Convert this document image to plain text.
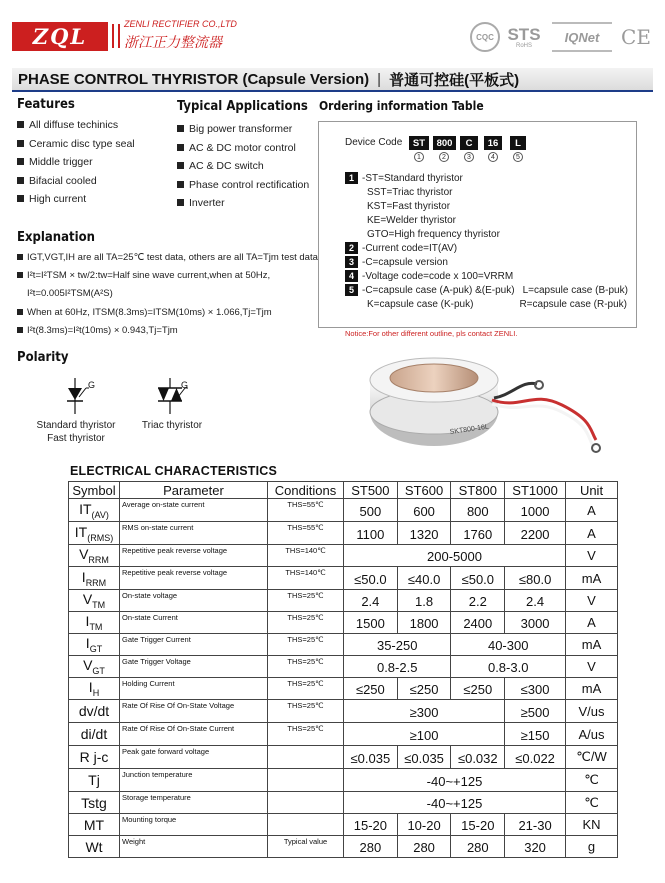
ZQL	ZENLI RECTIFIER CO.,LTD
浙江正力整流器	CQC STS
RoHS
IQNet	CE
PHASE CONTROL THYRISTOR (Capsule Version) | 普通可控硅(平板式)
Features
All diffuse techinics
Ceramic disc type seal
Middle trigger
Bifacial cooled
High current
Typical Applications
Big power transformer
AC & DC motor control
AC & DC switch
Phase control rectification
Inverter
Ordering information Table
Device Code	ST	800	C	16	L
1	2	3	4	5
1 -ST=Standard thyristor
SST=Triac thyristor
KST=Fast thyristor
KE=Welder thyristor
GTO=High frequency thyristor
2 -Current code=IT(AV)
3 -C=capsule version
4 -Voltage code=code x 100=VRRM
5 -C=capsule case (A-puk) &(E-puk) L=capsule case (B-puk)
K=capsule case (K-puk)	R=capsule case (R-puk)
Notice:For other different outline, pls contact ZENLI.
Explanation
IGT,VGT,IH are all TA=25℃ test data, others are all TA=Tjm test data
I²t=I²TSM × tw/2:tw=Half sine wave current,when at 50Hz,
I²t=0.005I²TSM(A²S)
When at 60Hz, ITSM(8.3ms)=ITSM(10ms) × 1.066,Tj=Tjm
I²t(8.3ms)=I²t(10ms) × 0.943,Tj=Tjm
Polarity
G	G
Standard thyristor
Fast thyristor
Triac thyristor	SKT800-16L
ELECTRICAL CHARACTERISTICS
Symbol	Parameter	Conditions	ST500	ST600	ST800	ST1000	Unit
$IT_{(AV)}$	Average on-state current	THS=55℃	500	600	800	1000	A
$IT_{(RMS)}$	RMS on-state current	THS=55℃	1100	1320	1760	2200	A
$V_{RRM}$	Repetitive peak reverse voltage	THS=140℃	200-5000				V
$I_{RRM}$	Repetitive peak reverse voltage	THS=140℃	≤50.0	≤40.0	≤50.0	≤80.0	mA
$V_{TM}$	On-state voltage	THS=25℃	2.4	1.8	2.2	2.4	V
$I_{TM}$	On-state Current	THS=25℃	1500	1800	2400	3000	A
$I_{GT}$	Gate Trigger Current	THS=25℃	35-250		40-300		mA
$V_{GT}$	Gate Trigger Voltage	THS=25℃	0.8-2.5		0.8-3.0		V
$I_H$	Holding Current	THS=25℃	≤250	≤250	≤250	≤300	mA
dv/dt	Rate Of Rise Of On-State Voltage	THS=25℃	≥300			≥500	V/us
di/dt	Rate Of Rise Of On-State Current	THS=25℃	≥100			≥150	A/us
R j-c	Peak gate forward voltage		≤0.035	≤0.035	≤0.032	≤0.022	℃/W
Tj	Junction temperature		-40~+125				℃
Tstg	Storage temperature		-40~+125				℃
MT	Mounting torque		15-20	10-20	15-20	21-30	KN
Wt	Weight	Typical value	280	280	280	320	g
